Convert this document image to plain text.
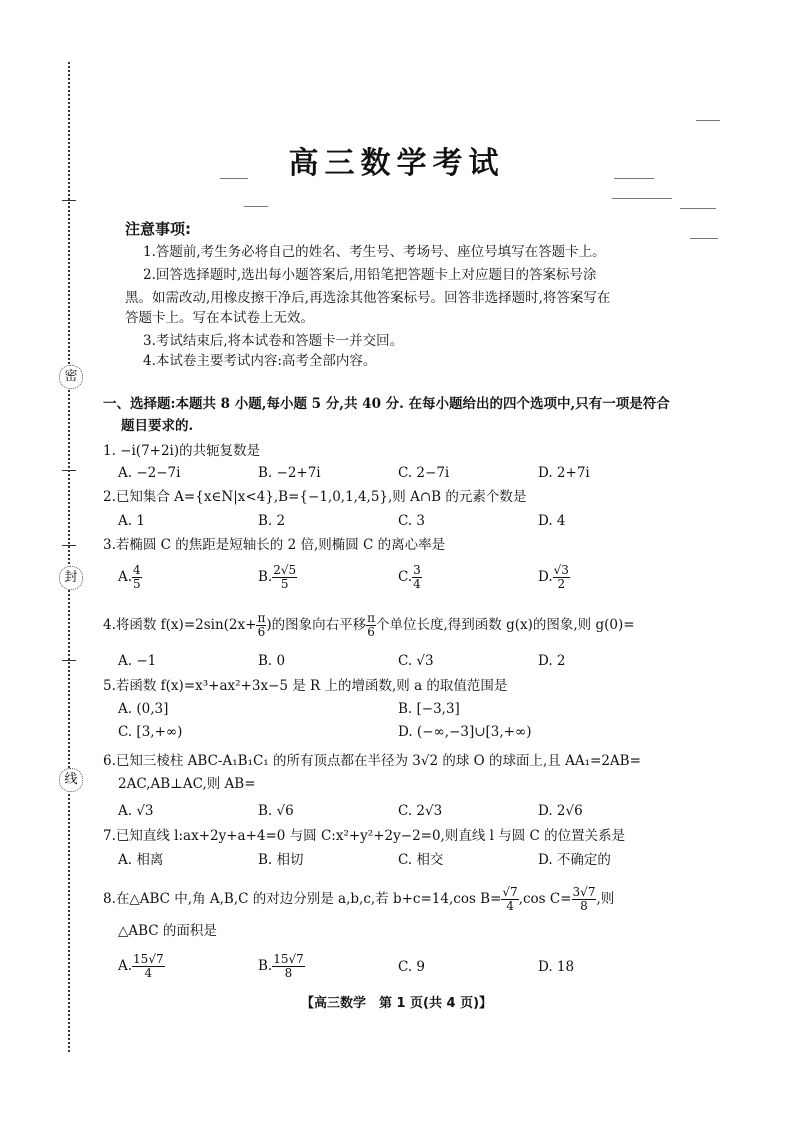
密
封
线
高三数学考试
注意事项:
1.答题前,考生务必将自己的姓名、考生号、考场号、座位号填写在答题卡上。
2.回答选择题时,选出每小题答案后,用铅笔把答题卡上对应题目的答案标号涂
黑。如需改动,用橡皮擦干净后,再选涂其他答案标号。回答非选择题时,将答案写在
答题卡上。写在本试卷上无效。
3.考试结束后,将本试卷和答题卡一并交回。
4.本试卷主要考试内容:高考全部内容。
一、选择题:本题共 8 小题,每小题 5 分,共 40 分. 在每小题给出的四个选项中,只有一项是符合
题目要求的.
1. −i(7+2i)的共轭复数是
A. −2−7i	B. −2+7i	C. 2−7i	D. 2+7i
2.已知集合 A={x∈N|x<4},B={−1,0,1,4,5},则 A∩B 的元素个数是
A. 1	B. 2	C. 3	D. 4
3.若椭圆 C 的焦距是短轴长的 2 倍,则椭圆 C 的离心率是
A. $\frac{4}{5}$	B. $\frac{2√5}{5}$	C. $\frac{3}{4}$	D. $\frac{√3}{2}$
4.将函数 $f(x)=2\sin(2x+ \frac{\pi}{6}$ )的图象向右平移 $\frac{\pi}{6}$ 个单位长度,得到函数 g(x)的图象,则 g(0)=
A. −1	B. 0	C. √3	D. 2
5.若函数 f(x)=x³+ax²+3x−5 是 R 上的增函数,则 a 的取值范围是
A. (0,3]	B. [−3,3]
C. [3,+∞)	D. (−∞,−3]∪[3,+∞)
6.已知三棱柱 ABC-A₁B₁C₁ 的所有顶点都在半径为 3√2 的球 O 的球面上,且 AA₁=2AB=
2AC,AB⊥AC,则 AB=
A. √3	B. √6	C. 2√3	D. 2√6
7.已知直线 l:ax+2y+a+4=0 与圆 C:x²+y²+2y−2=0,则直线 l 与圆 C 的位置关系是
A. 相离	B. 相切	C. 相交	D. 不确定的
8.在△ABC 中,角 A,B,C 的对边分别是 a,b,c,若 b+c=14,cos $B= \frac{√7}{4} ,\cos$ $C= \frac{3√7}{8}$ ,则
△ABC 的面积是
A. $\frac{15√7}{4}$	B. $\frac{15√7}{8}$	C. 9	D. 18
【高三数学　第 1 页(共 4 页)】
